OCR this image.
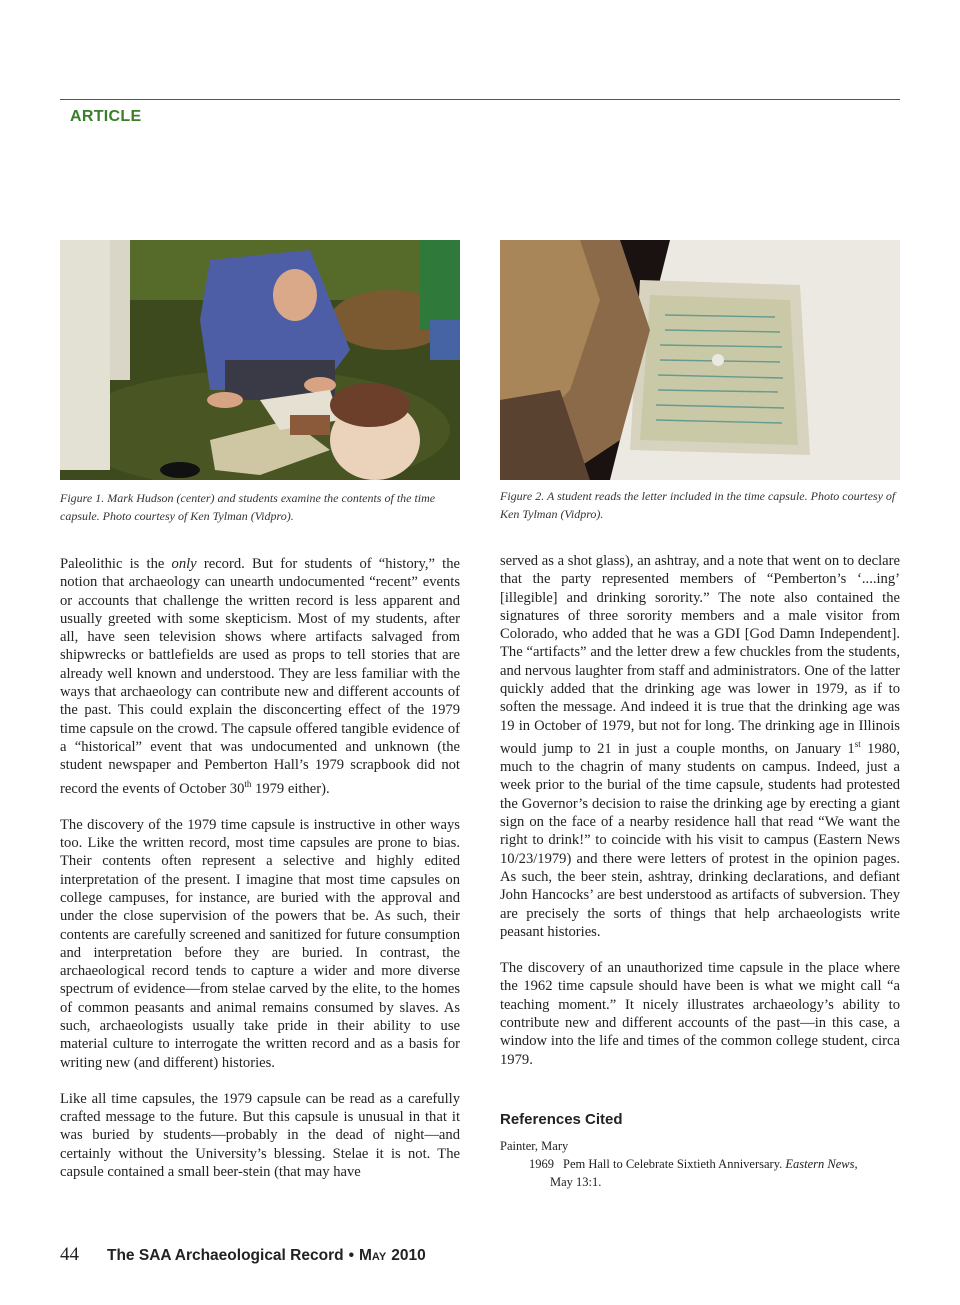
ARTICLE
Figure 1. Mark Hudson (center) and students examine the contents of the time capsule. Photo courtesy of Ken Tylman (Vidpro).
Figure 2. A student reads the letter included in the time capsule. Photo courtesy of Ken Tylman (Vidpro).

Paleolithic is the only record. But for students of “history,” the notion that archaeology can unearth undocumented “recent” events or accounts that challenge the written record is less apparent and usually greeted with some skepticism. Most of my students, after all, have seen television shows where artifacts salvaged from shipwrecks or battlefields are used as props to tell stories that are already well known and understood. They are less familiar with the ways that archaeology can contribute new and different accounts of the past. This could explain the disconcerting effect of the 1979 time capsule on the crowd. The capsule offered tangible evidence of a “historical” event that was undocumented and unknown (the student newspaper and Pemberton Hall’s 1979 scrapbook did not record the events of October 30th 1979 either).

The discovery of the 1979 time capsule is instructive in other ways too. Like the written record, most time capsules are prone to bias. Their contents often represent a selective and highly edited interpretation of the present. I imagine that most time capsules on college campuses, for instance, are buried with the approval and under the close supervision of the powers that be. As such, their contents are carefully screened and sanitized for future consumption and interpretation before they are buried. In contrast, the archaeological record tends to capture a wider and more diverse spectrum of evidence—from stelae carved by the elite, to the homes of common peasants and animal remains consumed by slaves. As such, archaeologists usually take pride in their ability to use material culture to interrogate the written record and as a basis for writing new (and different) histories.

Like all time capsules, the 1979 capsule can be read as a carefully crafted message to the future. But this capsule is unusual in that it was buried by students—probably in the dead of night—and certainly without the University’s blessing. Stelae it is not. The capsule contained a small beer-stein (that may have

served as a shot glass), an ashtray, and a note that went on to declare that the party represented members of “Pemberton’s ‘....ing’ [illegible] and drinking sorority.” The note also contained the signatures of three sorority members and a male visitor from Colorado, who added that he was a GDI [God Damn Independent]. The “artifacts” and the letter drew a few chuckles from the students, and nervous laughter from staff and administrators. One of the latter quickly added that the drinking age was lower in 1979, as if to soften the message. And indeed it is true that the drinking age was 19 in October of 1979, but not for long. The drinking age in Illinois would jump to 21 in just a couple months, on January 1st 1980, much to the chagrin of many students on campus. Indeed, just a week prior to the burial of the time capsule, students had protested the Governor’s decision to raise the drinking age by erecting a giant sign on the face of a nearby residence hall that read “We want the right to drink!” to coincide with his visit to campus (Eastern News 10/23/1979) and there were letters of protest in the opinion pages. As such, the beer stein, ashtray, drinking declarations, and defiant John Hancocks’ are best understood as artifacts of subversion. They are precisely the sorts of things that help archaeologists write peasant histories.

The discovery of an unauthorized time capsule in the place where the 1962 time capsule should have been is what we might call “a teaching moment.” It nicely illustrates archaeology’s ability to contribute new and different accounts of the past—in this case, a window into the life and times of the common college student, circa 1979.

References Cited
Painter, Mary
1969 Pem Hall to Celebrate Sixtieth Anniversary. Eastern News,
May 13:1.
44 The SAA Archaeological Record • May 2010
